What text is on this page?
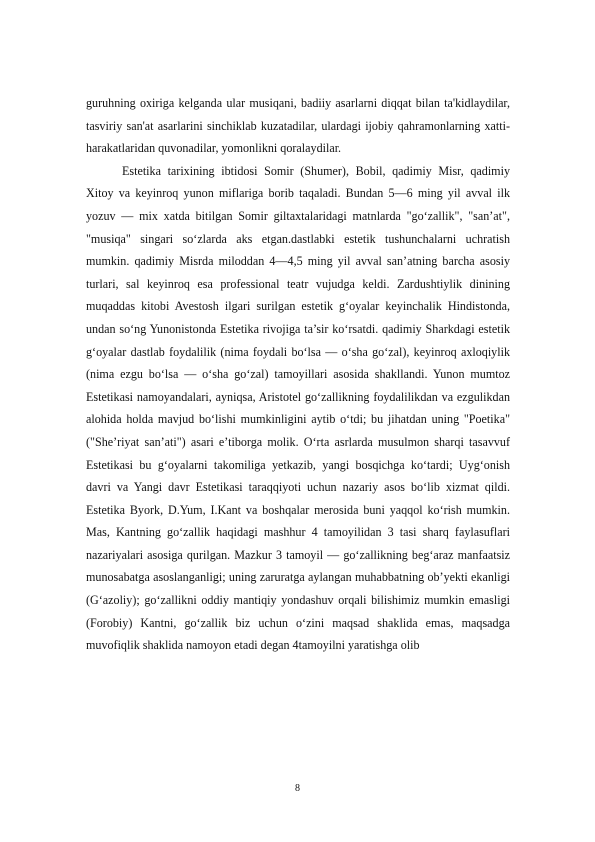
guruhning oxiriga kelganda ular musiqani, badiiy asarlarni diqqat bilan ta'kidlaydilar, tasviriy san'at asarlarini sinchiklab kuzatadilar, ulardagi ijobiy qahramonlarning xatti-harakatlaridan quvonadilar, yomonlikni qoralaydilar.

Estetika tarixining ibtidosi Somir (Shumer), Bobil, qadimiy Misr, qadimiy Xitoy va keyinroq yunon miflariga borib taqaladi. Bundan 5—6 ming yil avval ilk yozuv — mix xatda bitilgan Somir giltaxtalaridagi matnlarda "go‘zallik", "san’at", "musiqa" singari so‘zlarda aks etgan.dastlabki estetik tushunchalarni uchratish mumkin. qadimiy Misrda miloddan 4—4,5 ming yil avval san’atning barcha asosiy turlari, sal keyinroq esa professional teatr vujudga keldi. Zardushtiylik dinining muqaddas kitobi Avestosh ilgari surilgan estetik g‘oyalar keyinchalik Hindistonda, undan so‘ng Yunonistonda Estetika rivojiga ta’sir ko‘rsatdi. qadimiy Sharkdagi estetik g‘oyalar dastlab foydalilik (nima foydali bo‘lsa — o‘sha go‘zal), keyinroq axloqiylik (nima ezgu bo‘lsa — o‘sha go‘zal) tamoyillari asosida shakllandi. Yunon mumtoz Estetikasi namoyandalari, ayniqsa, Aristotel go‘zallikning foydalilikdan va ezgulikdan alohida holda mavjud bo‘lishi mumkinligini aytib o‘tdi; bu jihatdan uning "Poetika" ("She’riyat san’ati") asari e’tiborga molik. O‘rta asrlarda musulmon sharqi tasavvuf Estetikasi bu g‘oyalarni takomiliga yetkazib, yangi bosqichga ko‘tardi; Uyg‘onish davri va Yangi davr Estetikasi taraqqiyoti uchun nazariy asos bo‘lib xizmat qildi. Estetika Byork, D.Yum, I.Kant va boshqalar merosida buni yaqqol ko‘rish mumkin. Mas, Kantning go‘zallik haqidagi mashhur 4 tamoyilidan 3 tasi sharq faylasuflari nazariyalari asosiga qurilgan. Mazkur 3 tamoyil — go‘zallikning beg‘araz manfaatsiz munosabatga asoslanganligi; uning zaruratga aylangan muhabbatning ob’yekti ekanligi (G‘azoliy); go‘zallikni oddiy mantiqiy yondashuv orqali bilishimiz mumkin emasligi (Forobiy) Kantni, go‘zallik biz uchun o‘zini maqsad shaklida emas, maqsadga muvofiqlik shaklida namoyon etadi degan 4tamoyilni yaratishga olib

8
